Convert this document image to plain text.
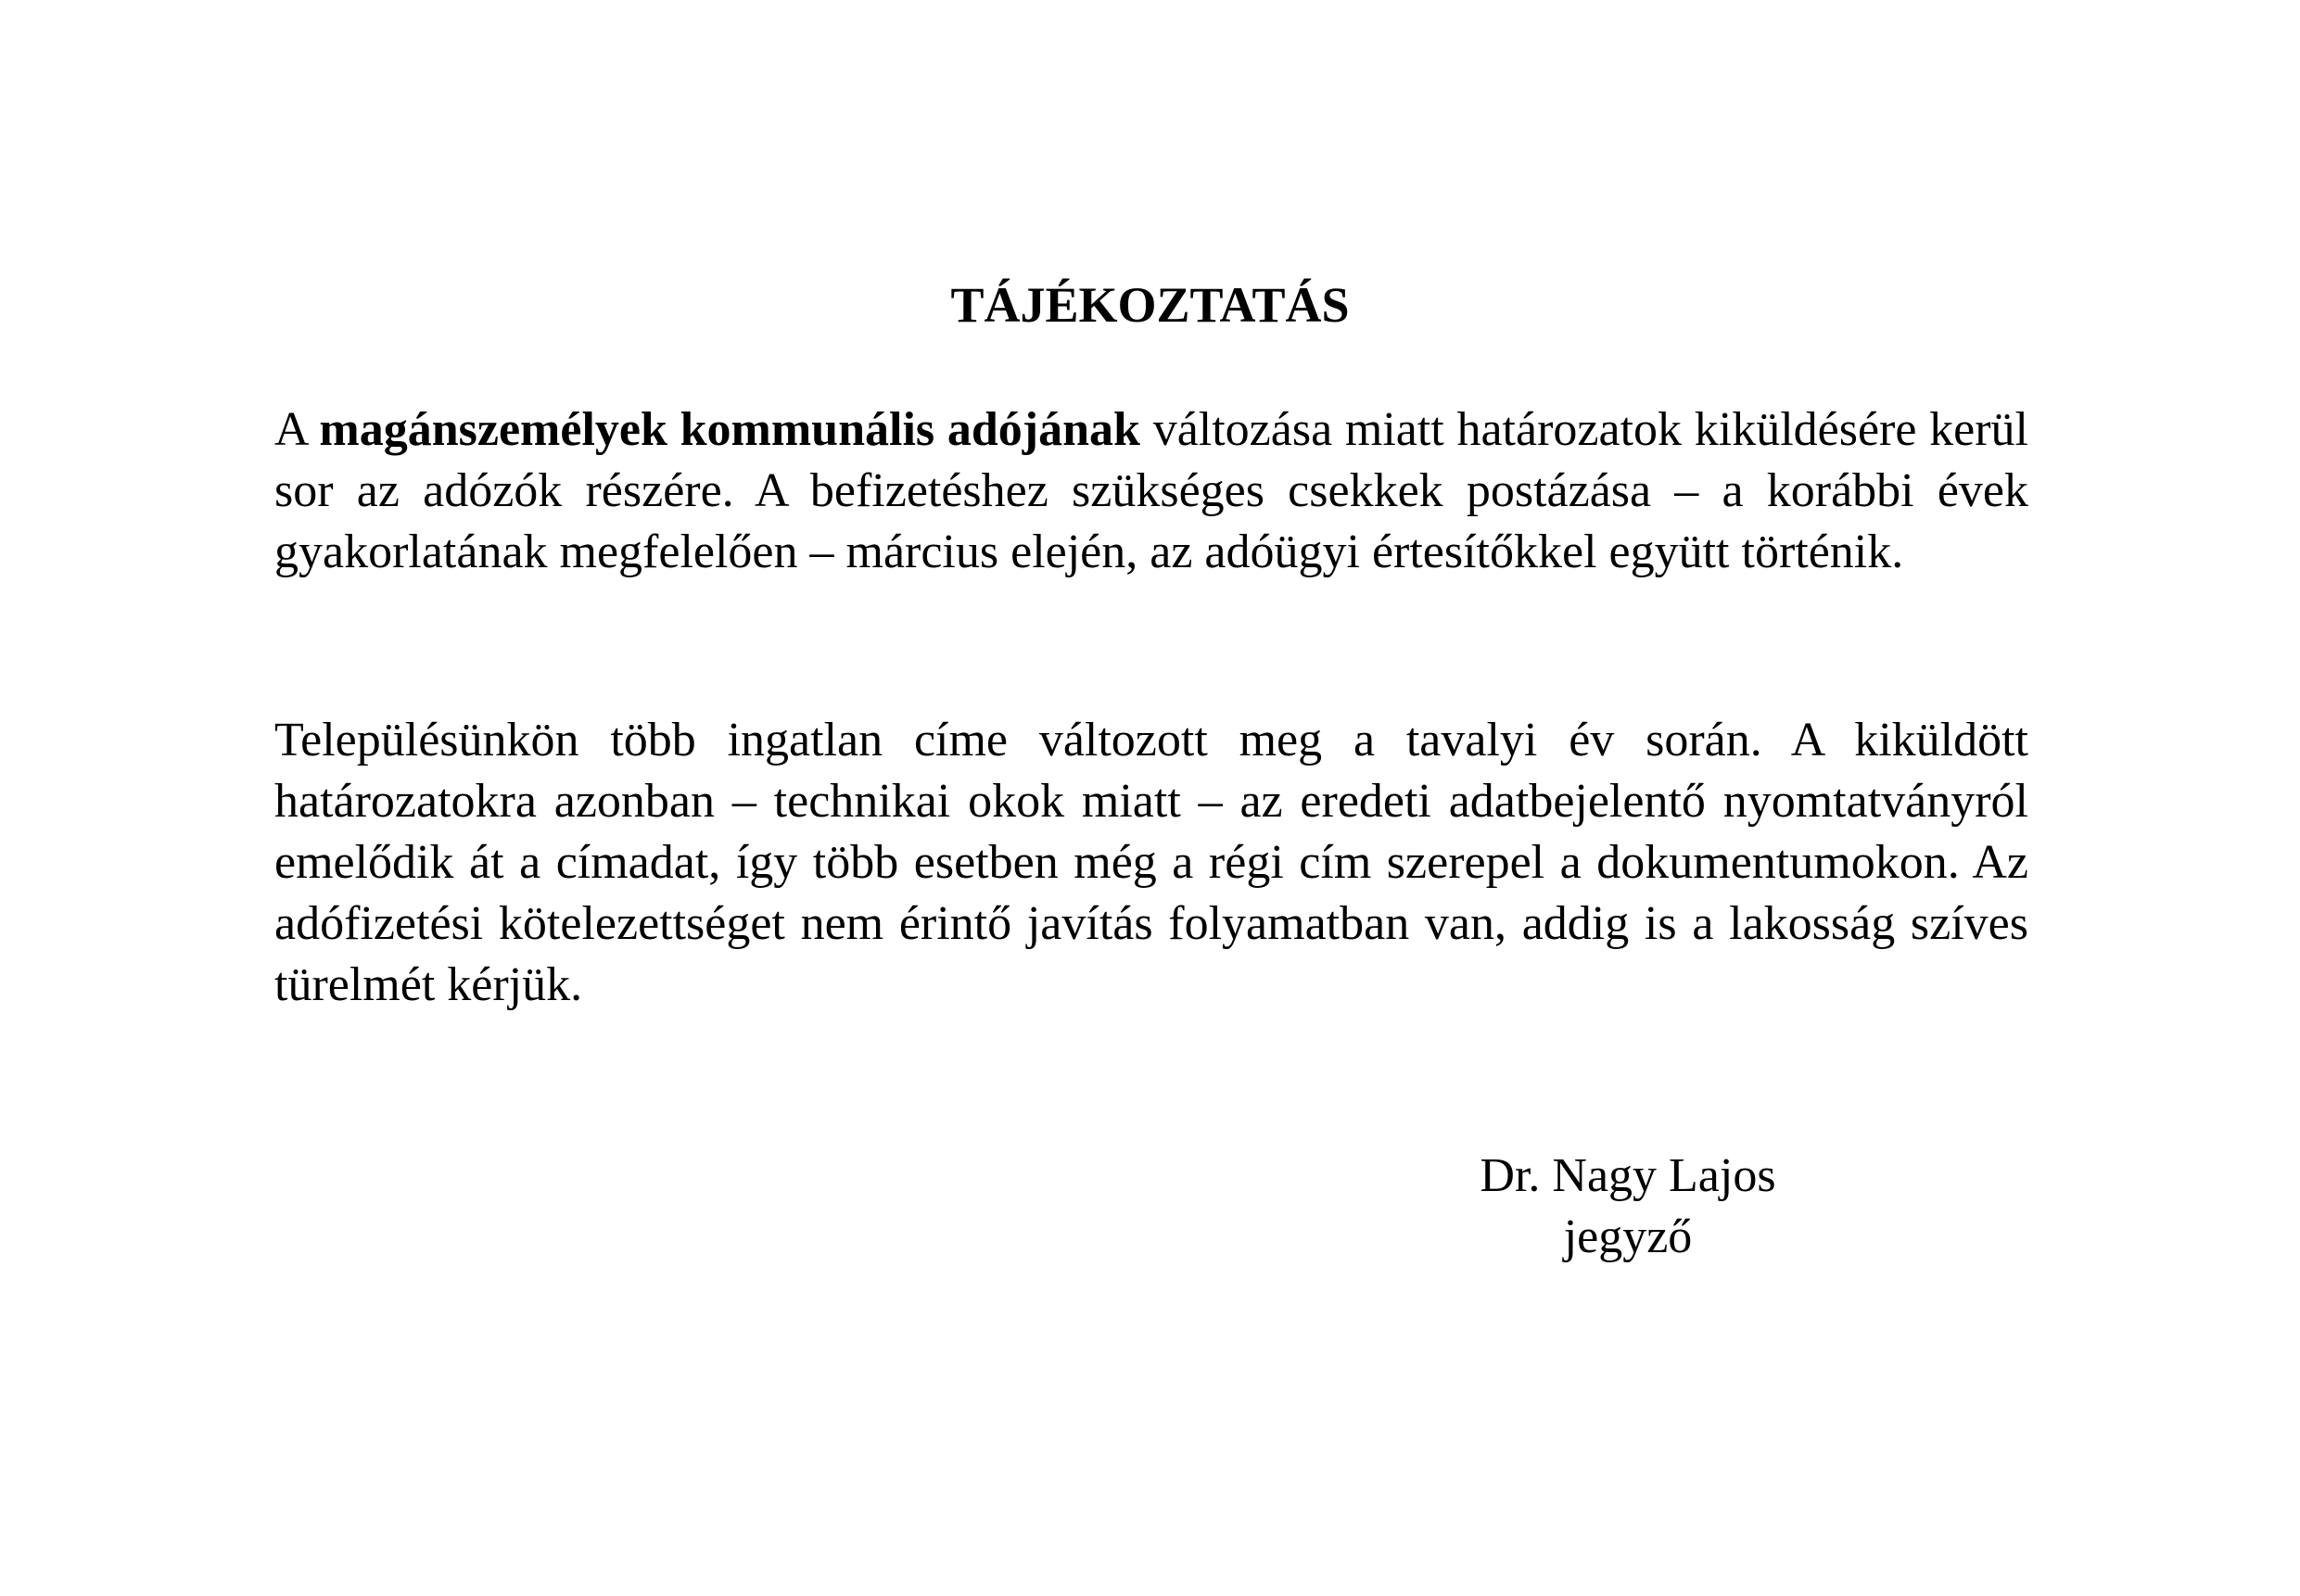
TÁJÉKOZTATÁS

A magánszemélyek kommunális adójának változása miatt határozatok kiküldésére kerül sor az adózók részére. A befizetéshez szükséges csekkek postázása – a korábbi évek gyakorlatának megfelelően – március elején, az adóügyi értesítőkkel együtt történik.

Településünkön több ingatlan címe változott meg a tavalyi év során. A kiküldött határozatokra azonban – technikai okok miatt – az eredeti adatbejelentő nyomtatványról emelődik át a címadat, így több esetben még a régi cím szerepel a dokumentumokon. Az adófizetési kötelezettséget nem érintő javítás folyamatban van, addig is a lakosság szíves türelmét kérjük.

Dr. Nagy Lajos
jegyző
